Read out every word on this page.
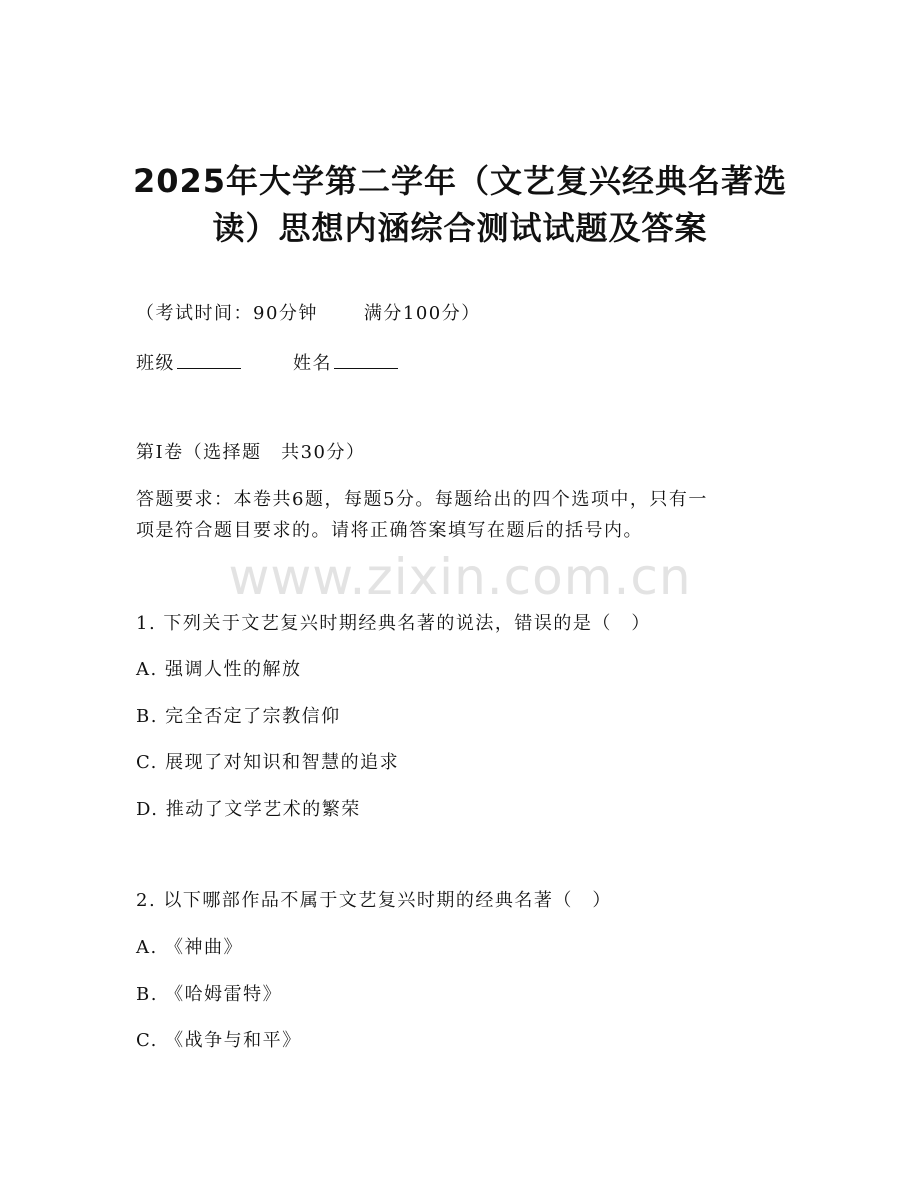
2025年大学第二学年（文艺复兴经典名著选
读）思想内涵综合测试试题及答案
（考试时间：90分钟	满分100分）
班级	姓名
第I卷（选择题　共30分）
答题要求：本卷共6题，每题5分。每题给出的四个选项中，只有一
项是符合题目要求的。请将正确答案填写在题后的括号内。
www.zixin.com.cn
1. 下列关于文艺复兴时期经典名著的说法，错误的是（　）
A. 强调人性的解放
B. 完全否定了宗教信仰
C. 展现了对知识和智慧的追求
D. 推动了文学艺术的繁荣
2. 以下哪部作品不属于文艺复兴时期的经典名著（　）
A. 《神曲》
B. 《哈姆雷特》
C. 《战争与和平》
